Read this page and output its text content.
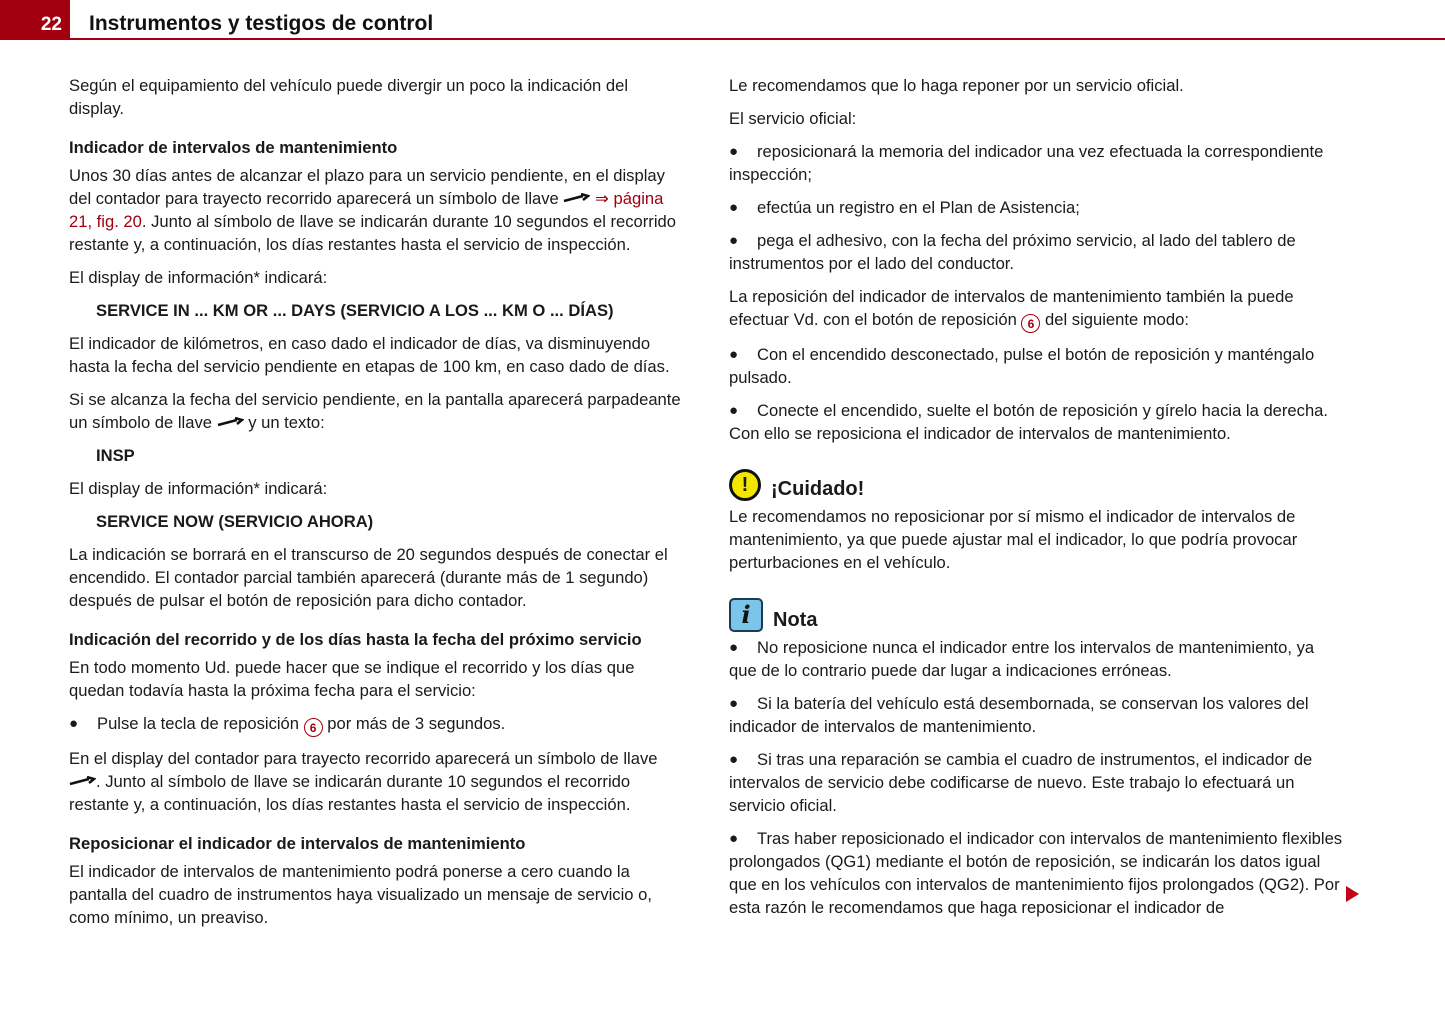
22	Instrumentos y testigos de control

Según el equipamiento del vehículo puede divergir un poco la indicación del display.

Indicador de intervalos de mantenimiento

Unos 30 días antes de alcanzar el plazo para un servicio pendiente, en el display del contador para trayecto recorrido aparecerá un símbolo de llave  ⇒ página 21, fig. 20. Junto al símbolo de llave se indicarán durante 10 segundos el recorrido restante y, a continuación, los días restantes hasta el servicio de inspección.

El display de información* indicará:

SERVICE IN ... KM OR ... DAYS (SERVICIO A LOS ... KM O ... DÍAS)

El indicador de kilómetros, en caso dado el indicador de días, va disminuyendo hasta la fecha del servicio pendiente en etapas de 100 km, en caso dado de días.

Si se alcanza la fecha del servicio pendiente, en la pantalla aparecerá parpadeante un símbolo de llave  y un texto:

INSP

El display de información* indicará:

SERVICE NOW (SERVICIO AHORA)

La indicación se borrará en el transcurso de 20 segundos después de conectar el encendido. El contador parcial también aparecerá (durante más de 1 segundo) después de pulsar el botón de reposición para dicho contador.

Indicación del recorrido y de los días hasta la fecha del próximo servicio

En todo momento Ud. puede hacer que se indique el recorrido y los días que quedan todavía hasta la próxima fecha para el servicio:

● Pulse la tecla de reposición 6 por más de 3 segundos.

En el display del contador para trayecto recorrido aparecerá un símbolo de llave . Junto al símbolo de llave se indicarán durante 10 segundos el recorrido restante y, a continuación, los días restantes hasta el servicio de inspección.

Reposicionar el indicador de intervalos de mantenimiento

El indicador de intervalos de mantenimiento podrá ponerse a cero cuando la pantalla del cuadro de instrumentos haya visualizado un mensaje de servicio o, como mínimo, un preaviso.

Le recomendamos que lo haga reponer por un servicio oficial.

El servicio oficial:

● reposicionará la memoria del indicador una vez efectuada la correspondiente inspección;

● efectúa un registro en el Plan de Asistencia;

● pega el adhesivo, con la fecha del próximo servicio, al lado del tablero de instrumentos por el lado del conductor.

La reposición del indicador de intervalos de mantenimiento también la puede efectuar Vd. con el botón de reposición 6 del siguiente modo:

● Con el encendido desconectado, pulse el botón de reposición y manténgalo pulsado.

● Conecte el encendido, suelte el botón de reposición y gírelo hacia la derecha. Con ello se reposiciona el indicador de intervalos de mantenimiento.

!	¡Cuidado!

Le recomendamos no reposicionar por sí mismo el indicador de intervalos de mantenimiento, ya que puede ajustar mal el indicador, lo que podría provocar perturbaciones en el vehículo.

i	Nota

● No reposicione nunca el indicador entre los intervalos de mantenimiento, ya que de lo contrario puede dar lugar a indicaciones erróneas.

● Si la batería del vehículo está desembornada, se conservan los valores del indicador de intervalos de mantenimiento.

● Si tras una reparación se cambia el cuadro de instrumentos, el indicador de intervalos de servicio debe codificarse de nuevo. Este trabajo lo efectuará un servicio oficial.

● Tras haber reposicionado el indicador con intervalos de mantenimiento flexibles prolongados (QG1) mediante el botón de reposición, se indicarán los datos igual que en los vehículos con intervalos de mantenimiento fijos prolongados (QG2). Por esta razón le recomendamos que haga reposicionar el indicador de
